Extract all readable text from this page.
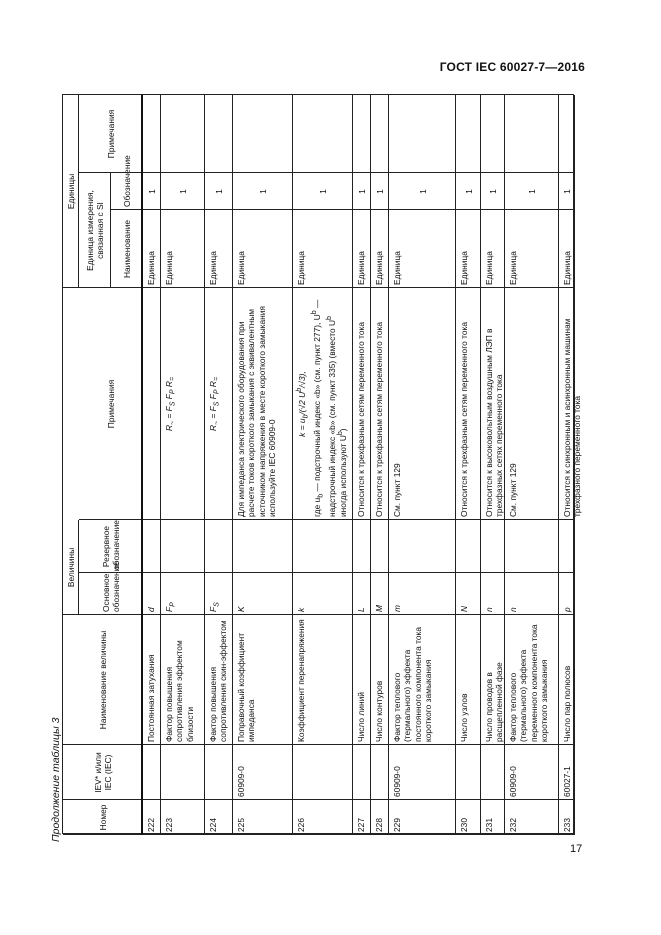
ГОСТ IEC 60027-7—2016
Продолжение таблицы 3
17
Номер
IEV* и/или IEC (IEC)
Наименование величины
Величины
Основное обозначение
Резервное обозначение
Примечания
Единицы Единица измерения, связанная с SI Наименование
Обозначение
Примечания
222
Постоянная затухания
d
Единица
1
223
Фактор повышения сопротивления эффектом близости
$F_P$
$R_\sim = F_S$ $F_P$ $R_=$
Единица
1
224
Фактор повышения сопротивления скин-эффектом
$F_S$
$R_\sim = F_S$ $F_P$ $R_=$
Единица
1
225
60909-0
Поправочный коэффициент импеданса
K
Для импеданса электрического оборудования при расчете токов короткого замыкания с эквивалентным источником напряжения в месте короткого замыкания используйте IEC 60909-0
Единица
1
226
Коэффициент перенапряжения
k
$k = u_b/(√2$ $U^b/√3$),
где $u_b$ — подстрочный индекс «b» (см. пункт 277), $U^b$ — надстрочный индекс «b» (см. пункт 335) (вместо $U^b$ иногда используют $U^b$)
Единица
1
227
Число линий
L
Относится к трехфазным сетям переменного тока
Единица
1
228
Число контуров
M
Относится к трехфазным сетям переменного тока
Единица
1
229
60909-0
Фактор теплового (термального) эффекта постоянного компонента тока короткого замыкания
m
См. пункт 129
Единица
1
230
Число узлов
N
Относится к трехфазным сетям переменного тока
Единица
1
231
Число проводов в расщепленной фазе
n
Относится к высоковольтным воздушным ЛЭП в трехфазных сетях переменного тока
Единица
1
232
60909-0
Фактор теплового (термального) эффекта переменного компонента тока короткого замыкания
n
См. пункт 129
Единица
1
233
60027-1
Число пар полюсов
p
Относится к синхронным и асинхронным машинам трехфазного переменного тока
Единица
1
